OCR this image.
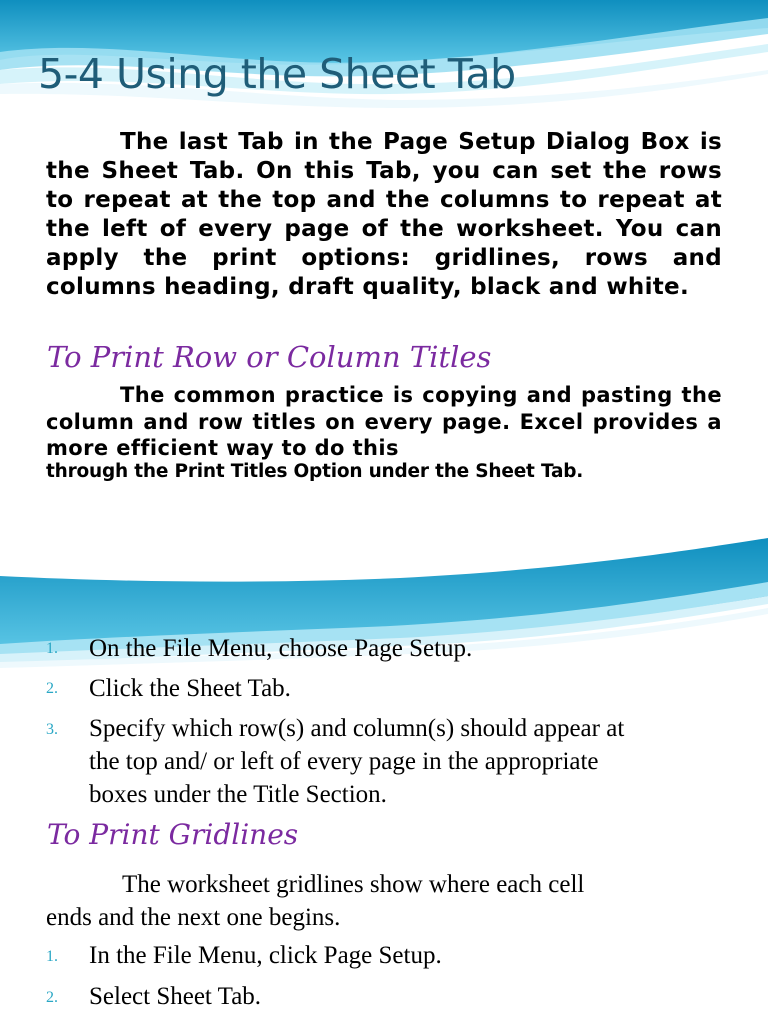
5-4 Using the Sheet Tab

The last Tab in the Page Setup Dialog Box is the Sheet Tab. On this Tab, you can set the rows to repeat at the top and the columns to repeat at the left of every page of the worksheet. You can apply the print options: gridlines, rows and columns heading, draft quality, black and white.

To Print Row or Column Titles

The common practice is copying and pasting the column and row titles on every page. Excel provides a more efficient way to do this

through the Print Titles Option under the Sheet Tab.

1. On the File Menu, choose Page Setup.
2. Click the Sheet Tab.
3. Specify which row(s) and column(s) should appear at
the top and/ or left of every page in the appropriate
boxes under the Title Section.
To Print Gridlines

The worksheet gridlines show where each cell

ends and the next one begins.

1. In the File Menu, click Page Setup.
2. Select Sheet Tab.
